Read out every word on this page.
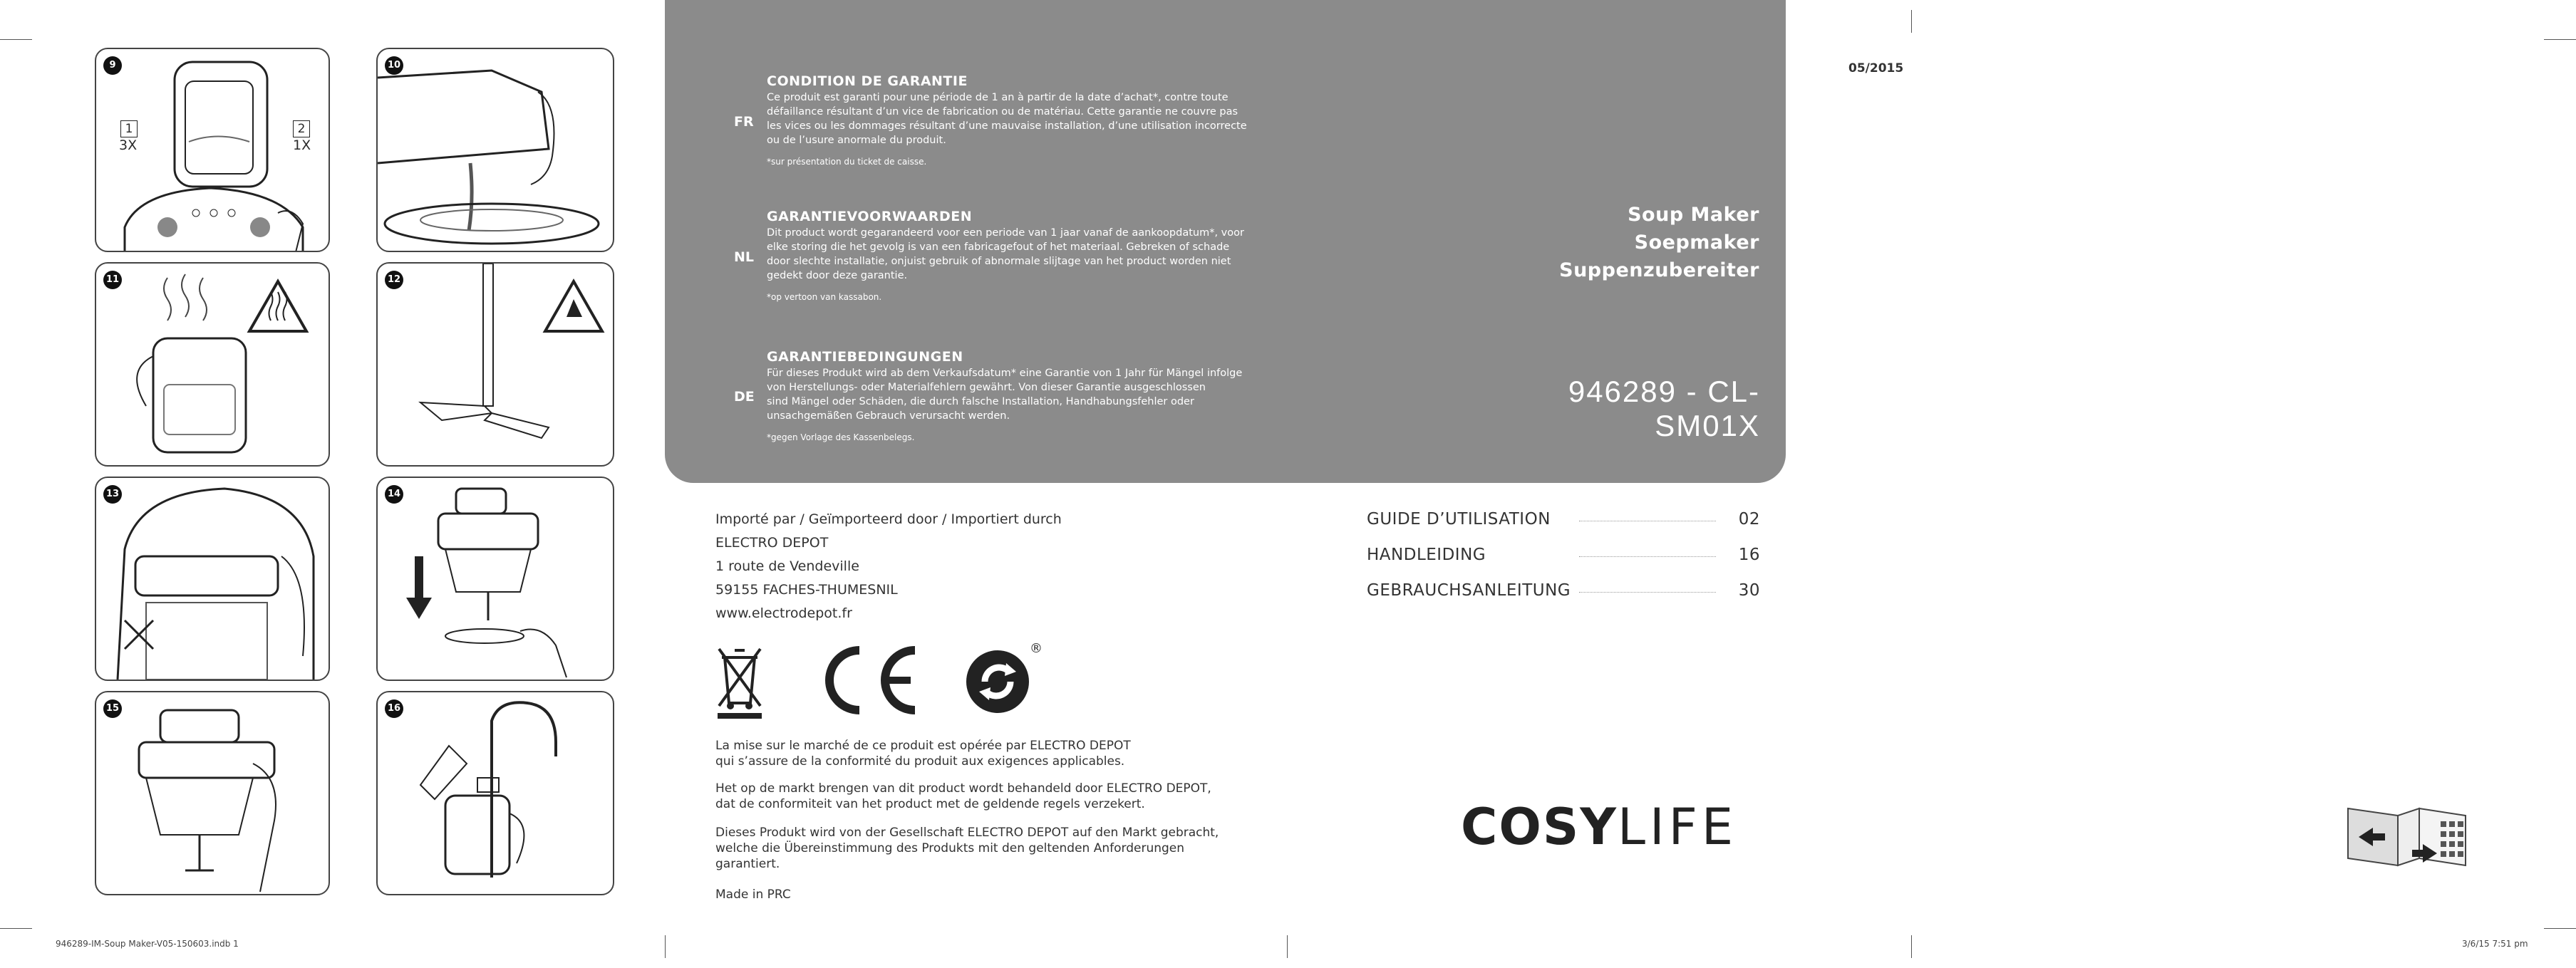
9
1
3X
2
1X
10
11	12
13	14
15	16
FR
CONDITION DE GARANTIE

Ce produit est garanti pour une période de 1 an à partir de la date d’achat*, contre toute
défaillance résultant d’un vice de fabrication ou de matériau. Cette garantie ne couvre pas
les vices ou les dommages résultant d’une mauvaise installation, d’une utilisation incorrecte
ou de l’usure anormale du produit.

*sur présentation du ticket de caisse.

NL
GARANTIEVOORWAARDEN

Dit product wordt gegarandeerd voor een periode van 1 jaar vanaf de aankoopdatum*, voor
elke storing die het gevolg is van een fabricagefout of het materiaal. Gebreken of schade
door slechte installatie, onjuist gebruik of abnormale slijtage van het product worden niet
gedekt door deze garantie.

*op vertoon van kassabon.

DE
GARANTIEBEDINGUNGEN

Für dieses Produkt wird ab dem Verkaufsdatum* eine Garantie von 1 Jahr für Mängel infolge
von Herstellungs- oder Materialfehlern gewährt. Von dieser Garantie ausgeschlossen
sind Mängel oder Schäden, die durch falsche Installation, Handhabungsfehler oder
unsachgemäßen Gebrauch verursacht werden.

*gegen Vorlage des Kassenbelegs.

Soup Maker
Soepmaker
Suppenzubereiter
946289 - CL-SM01X
Importé par / Geïmporteerd door / Importiert durch
ELECTRO DEPOT
1 route de Vendeville
59155 FACHES-THUMESNIL
www.electrodepot.fr
GUIDE D’UTILISATION	02
HANDLEIDING	16
GEBRAUCHSANLEITUNG	30
®
La mise sur le marché de ce produit est opérée par ELECTRO DEPOT
qui s’assure de la conformité du produit aux exigences applicables.
Het op de markt brengen van dit product wordt behandeld door ELECTRO DEPOT,
dat de conformiteit van het product met de geldende regels verzekert.
Dieses Produkt wird von der Gesellschaft ELECTRO DEPOT auf den Markt gebracht,
welche die Übereinstimmung des Produkts mit den geltenden Anforderungen
garantiert.
Made in PRC
COSYLIFE
05/2015
946289-IM-Soup Maker-V05-150603.indb 1	3/6/15 7:51 pm
